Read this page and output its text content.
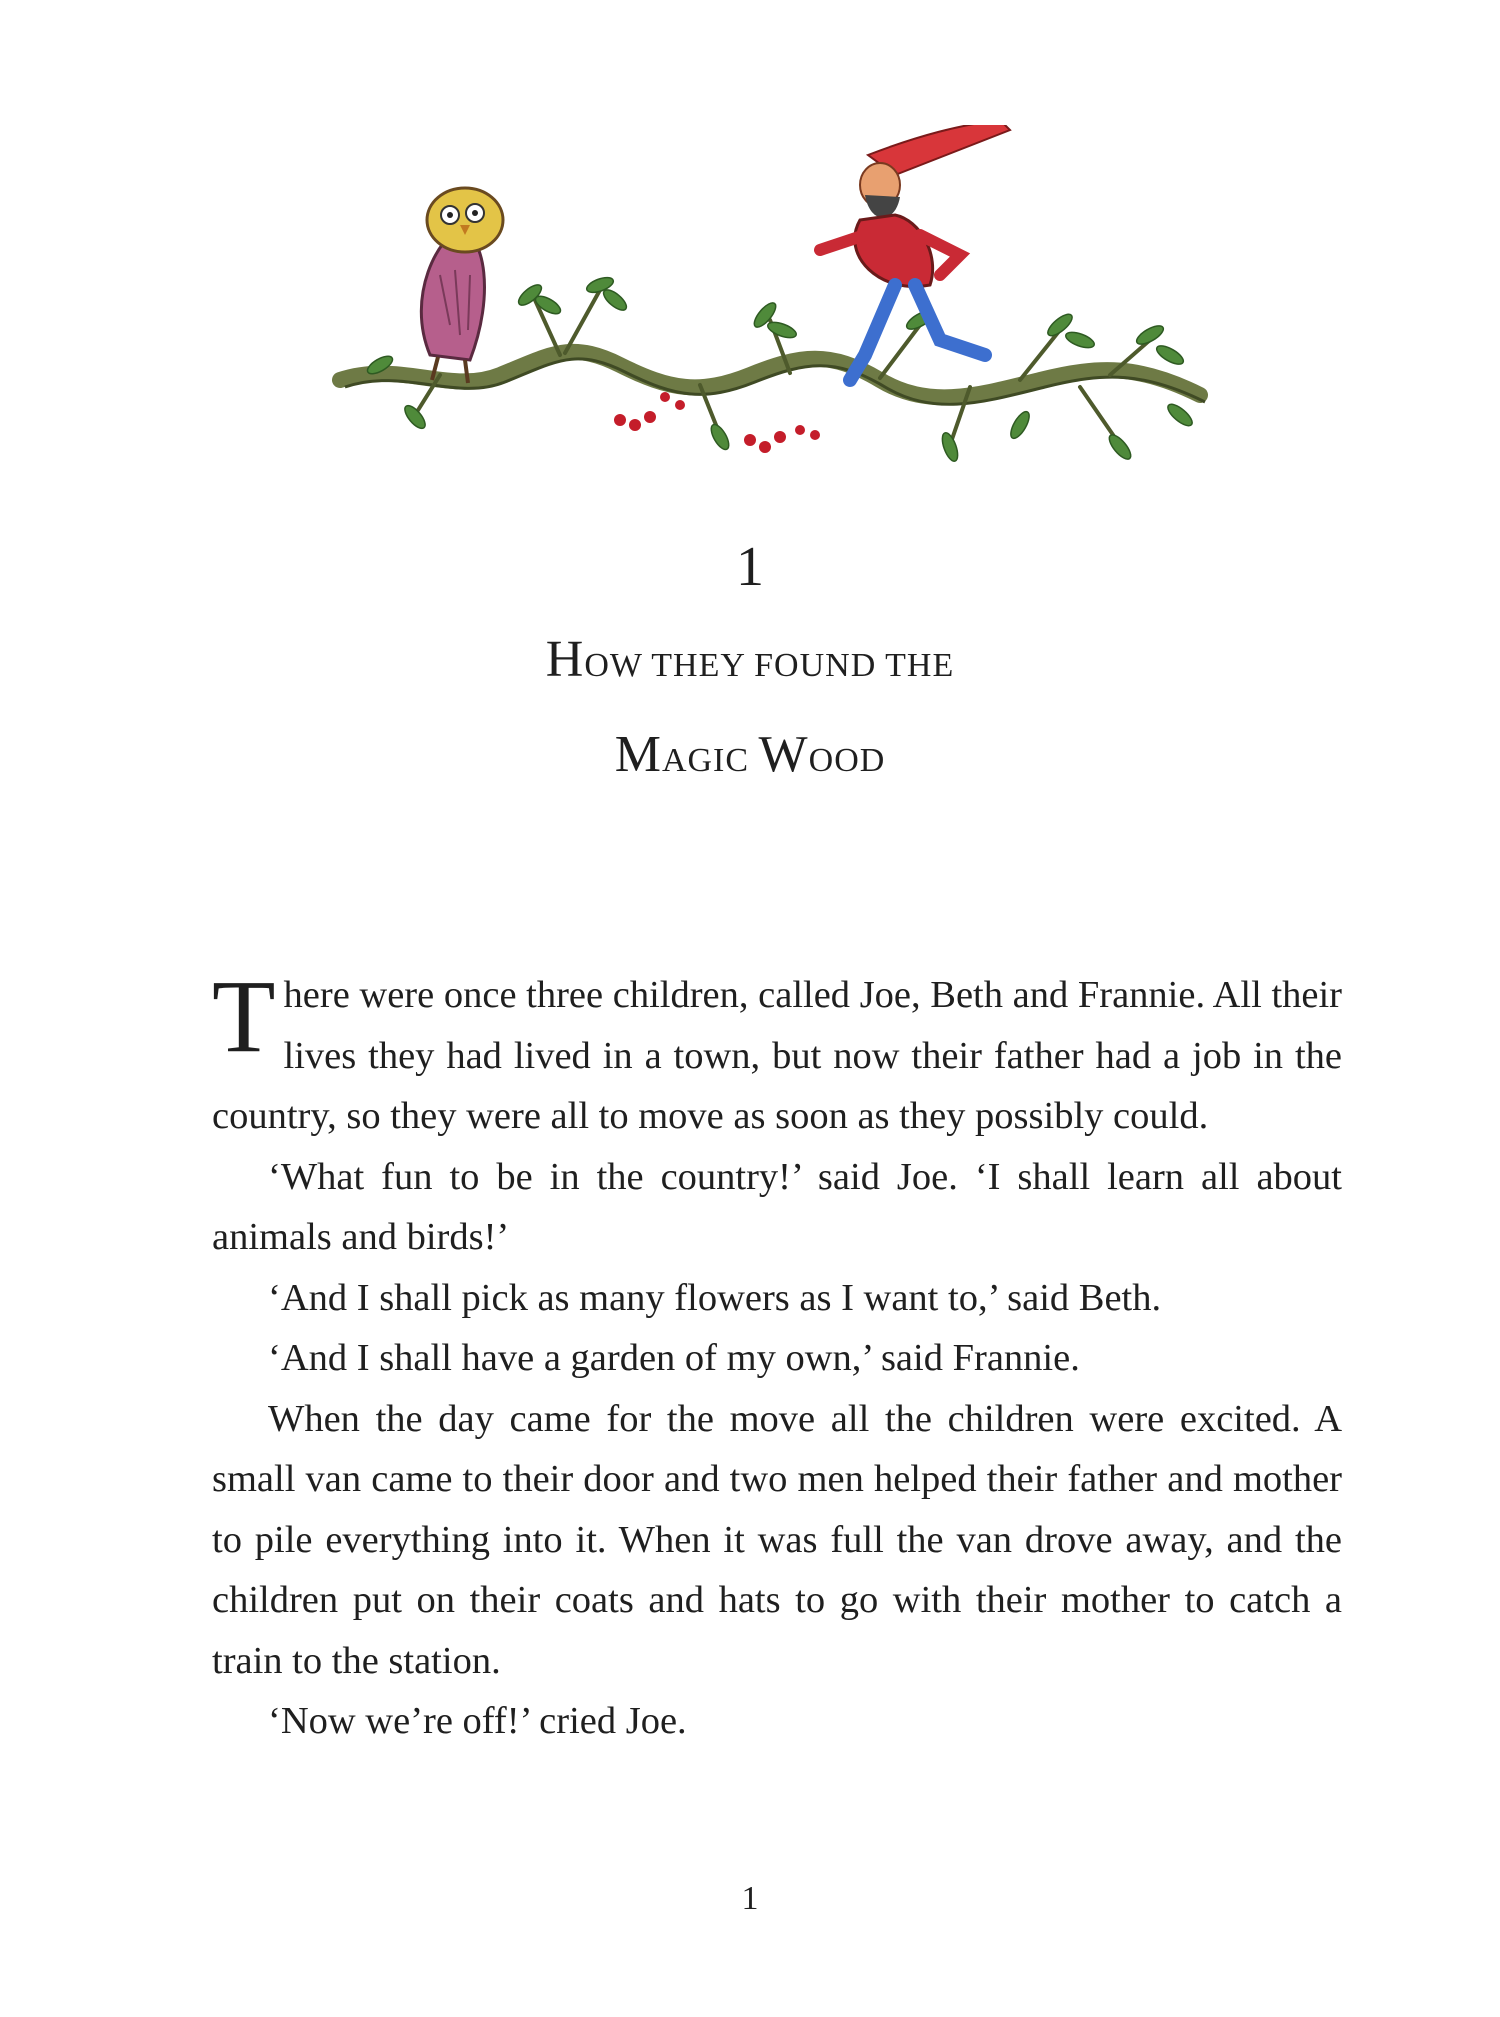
1
HOW THEY FOUND THE
MAGIC WOOD

There were once three children, called Joe, Beth and Frannie. All their lives they had lived in a town, but now their father had a job in the country, so they were all to move as soon as they possibly could.

‘What fun to be in the country!’ said Joe. ‘I shall learn all about animals and birds!’

‘And I shall pick as many flowers as I want to,’ said Beth.

‘And I shall have a garden of my own,’ said Frannie.

When the day came for the move all the children were excited. A small van came to their door and two men helped their father and mother to pile everything into it. When it was full the van drove away, and the children put on their coats and hats to go with their mother to catch a train to the station.

‘Now we’re off!’ cried Joe.

1
